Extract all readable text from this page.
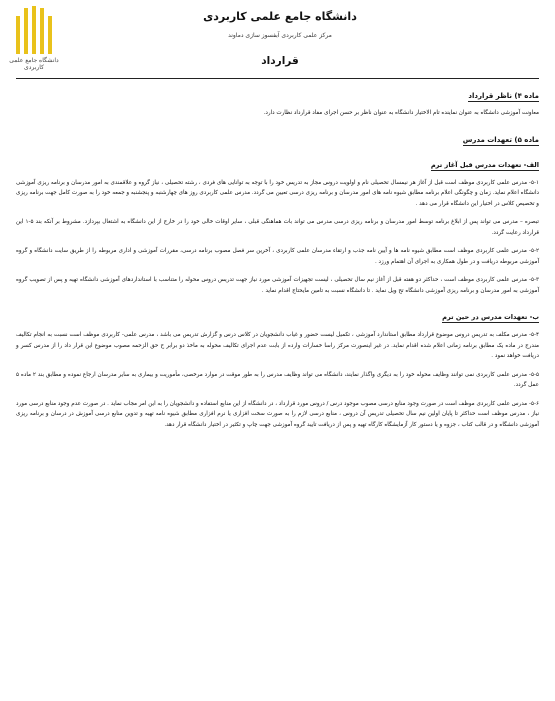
دانشگاه جامع علمی کاربردی
دانشگاه جامع علمی کاربردی
مرکز علمی کاربردی آبفسوز سازی دماوند
قرارداد
ماده ۴) ناظر قرارداد

معاونت آموزشی دانشگاه به عنوان نماینده تام الاختیار دانشگاه به عنوان ناظر بر حسن اجرای مفاد قرارداد نظارت دارد.

ماده ۵) تعهدات مدرس
الف- تعهدات مدرس قبل آغاز ترم

۵-۱- مدرس علمی کاربردی موظف است قبل از آغاز هر نیمسال تحصیلی نام و اولویت دروس مجاز به تدریس خود را با توجه به توانایی های فردی ، رشته تحصیلی ، نیاز گروه و علاقمندی به امور مدرسان و برنامه ریزی آموزشی دانشگاه اعلام نماید. زمان و چگونگی اعلام برنامه مطابق شیوه نامه های امور مدرسان و برنامه ریزی درسی تعیین می گردد. مدرس علمی کاربردی روز های چهارشنبه و پنجشنبه و جمعه خود را به صورت کامل جهت برنامه ریزی و تخصیص کلاس در اختیار این دانشگاه قرار می دهد .

تبصره – مدرس می تواند پس از ابلاغ برنامه توسط امور مدرسان و برنامه ریزی درسی مدرس می تواند بات هماهنگی قبلی ، سایر اوقات خالی خود را در خارج از این دانشگاه به اشتغال بپردازد. مشروط بر آنکه بند ۵-۱ این قرارداد رعایت گردد.

۵-۲- مدرس علمی کاربردی موظف است مطابق شیوه نامه ها و آیین نامه جذب و ارتقاء مدرسان علمی کاربردی ، آخرین سر فصل مصوب برنامه درسی، مقررات آموزشی و اداری مربوطه را از طریق سایت دانشگاه و گروه آموزشی مربوطه دریافت و در طول همکاری به اجرای آن اهتمام ورزد .

۵-۳- مدرس علمی کاربردی موظف است ، حداکثر دو هفته قبل از آغاز نیم سال تحصیلی ، لیست تجهیزات آموزشی مورد نیاز جهت تدریس دروس محوله را متناسب با استانداردهای آموزشی دانشگاه تهیه و پس از تصویب گروه آموزشی به امور مدرسان و برنامه ریزی آموزشی دانشگاه تح ویل نماید . تا دانشگاه نسبت به تامین مایحتاج اقدام نماید .

ب- تعهدات مدرس در حین ترم

۵-۴- مدرس مکلف به تدریس دروس موضوع قرارداد مطابق استاندارد آموزشی ، تکمیل لیست حضور و غیاب دانشجویان در کلاس درس و گزارش تدریس می باشد ، مدرس علمی- کاربردی موظف است نسبت به انجام تکالیف مندرج در ماده یک مطابق برنامه زمانی اعلام شده اقدام نماید. در غیر اینصورت مرکز راسا خسارات وارده از بابت عدم اجرای تکالیف محوله به ماخذ دو برابر ح حق الزحمه مصوب موضوع این قرار داد را از مدرس کسر و دریافت خواهد نمود .

۵-۵- مدرس علمی کاربردی نمی توانند وظایف محوله خود را به دیگری واگذار نمایند، دانشگاه می تواند وظایف مدرس را به طور موقت در موارد مرخصی، مأموریت و بیماری به سایر مدرسان ارجاع نموده و مطابق بند ۲ ماده ۵ عمل گردد.

۵-۶- مدرس علمی کاربردی موظف است در صورت وجود منابع درسی مصوب موجود درس / دروس مورد قرارداد ، در دانشگاه از این منابع استفاده و دانشجویان را به این امر مجاب نماید . در صورت عدم وجود منابع درسی مورد نیاز ، مدرس موظف است حداکثر تا پایان اولین نیم سال تحصیلی تدریس آن دروس ، منابع درسی لازم را به صورت سخت افزاری یا نرم افزاری مطابق شیوه نامه تهیه و تدوین منابع درسی آموزش در درسان و برنامه ریزی آموزشی دانشگاه و در قالب کتاب ، جزوه و یا دستور کار آزمایشگاه کارگاه تهیه و پس از دریافت تایید گروه آموزشی جهت چاپ و تکثیر در اختیار دانشگاه قرار دهد.
